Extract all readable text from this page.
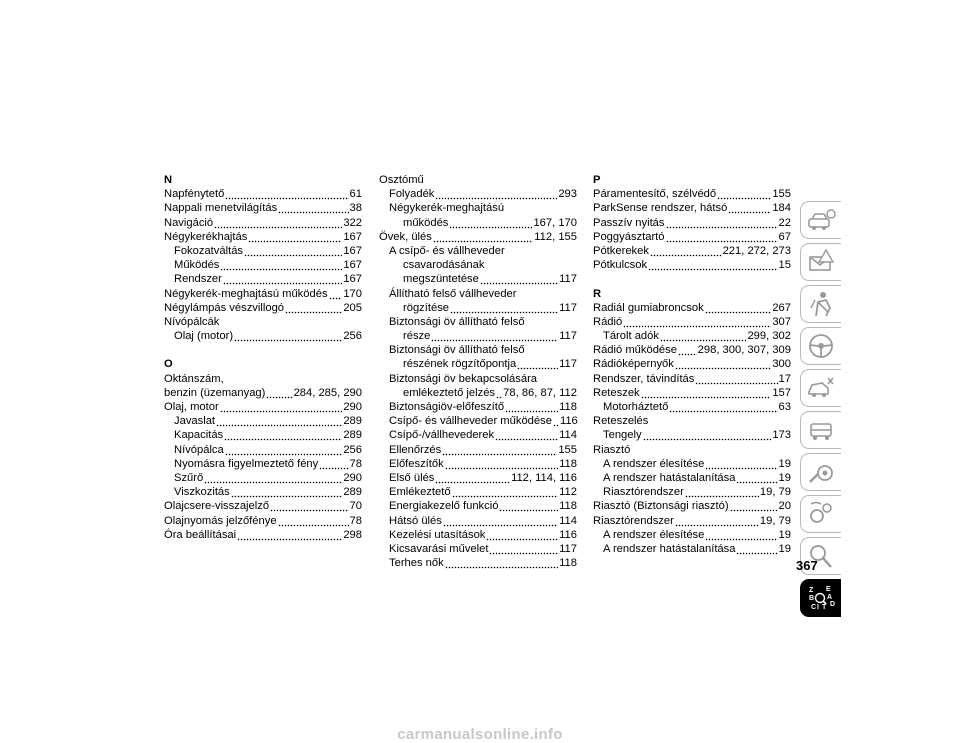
N
Napfénytető	61
Nappali menetvilágítás	38
Navigáció	322
Négykerékhajtás	167
Fokozatváltás	167
Működés	167
Rendszer	167
Négykerék-meghajtású működés 170
Négylámpás vészvillogó	205
Nívópálcák
Olaj (motor)	256
O
Oktánszám,
benzin (üzemanyag)	284, 285, 290
Olaj, motor	290
Javaslat	289
Kapacitás	289
Nívópálca	256
Nyomásra figyelmeztető fény	78
Szűrő	290
Viszkozitás	289
Olajcsere-visszajelző	70
Olajnyomás jelzőfénye	78
Óra beállításai	298
Osztómű
Folyadék	293
Négykerék-meghajtású
működés	167, 170
Övek, ülés	112, 155
A csípő- és vállheveder
csavarodásának
megszüntetése	117
Állítható felső vállheveder
rögzítése	117
Biztonsági öv állítható felső
része	117
Biztonsági öv állítható felső
részének rögzítőpontja	117
Biztonsági öv bekapcsolására
emlékeztető jelzés 78, 86, 87, 112
Biztonságiöv-előfeszítő	118
Csípő- és vállheveder működése 116
Csípő-/vállhevederek	114
Ellenőrzés	155
Előfeszítők	118
Első ülés	112, 114, 116
Emlékeztető	112
Energiakezelő funkció	118
Hátsó ülés	114
Kezelési utasítások	116
Kicsavarási művelet	117
Terhes nők	118
P
Páramentesítő, szélvédő	155
ParkSense rendszer, hátsó	184
Passzív nyitás	22
Poggyásztartó	67
Pótkerekek	221, 272, 273
Pótkulcsok	15
R
Radiál gumiabroncsok	267
Rádió	307
Tárolt adók	299, 302
Rádió működése 298, 300, 307, 309
Rádióképernyők	300
Rendszer, távindítás	17
Reteszek	157
Motorháztető	63
Reteszelés
Tengely	173
Riasztó
A rendszer élesítése	19
A rendszer hatástalanítása	19
Riasztórendszer	19, 79
Riasztó (Biztonsági riasztó)	20
Riasztórendszer	19, 79
A rendszer élesítése	19
A rendszer hatástalanítása	19
Z E
B A
C D
I T
367
carmanualsonline.info
